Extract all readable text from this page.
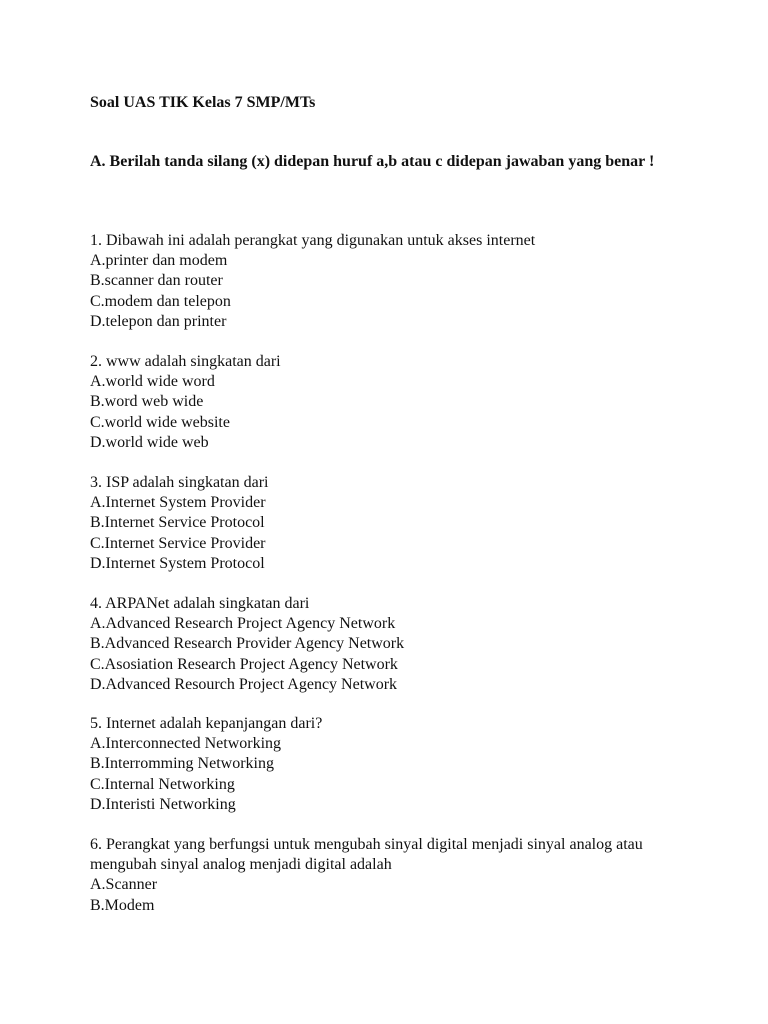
Soal UAS TIK Kelas 7 SMP/MTs
A. Berilah tanda silang (x) didepan huruf a,b atau c didepan jawaban yang benar !
1. Dibawah ini adalah perangkat yang digunakan untuk akses internet
A.printer dan modem
B.scanner dan router
C.modem dan telepon
D.telepon dan printer
2. www adalah singkatan dari
A.world wide word
B.word web wide
C.world wide website
D.world wide web
3. ISP adalah singkatan dari
A.Internet System Provider
B.Internet Service Protocol
C.Internet Service Provider
D.Internet System Protocol
4. ARPANet adalah singkatan dari
A.Advanced Research Project Agency Network
B.Advanced Research Provider Agency Network
C.Asosiation Research Project Agency Network
D.Advanced Resourch Project Agency Network
5. Internet adalah kepanjangan dari?
A.Interconnected Networking
B.Interromming Networking
C.Internal Networking
D.Interisti Networking
6. Perangkat yang berfungsi untuk mengubah sinyal digital menjadi sinyal analog atau mengubah sinyal analog menjadi digital adalah
A.Scanner
B.Modem
